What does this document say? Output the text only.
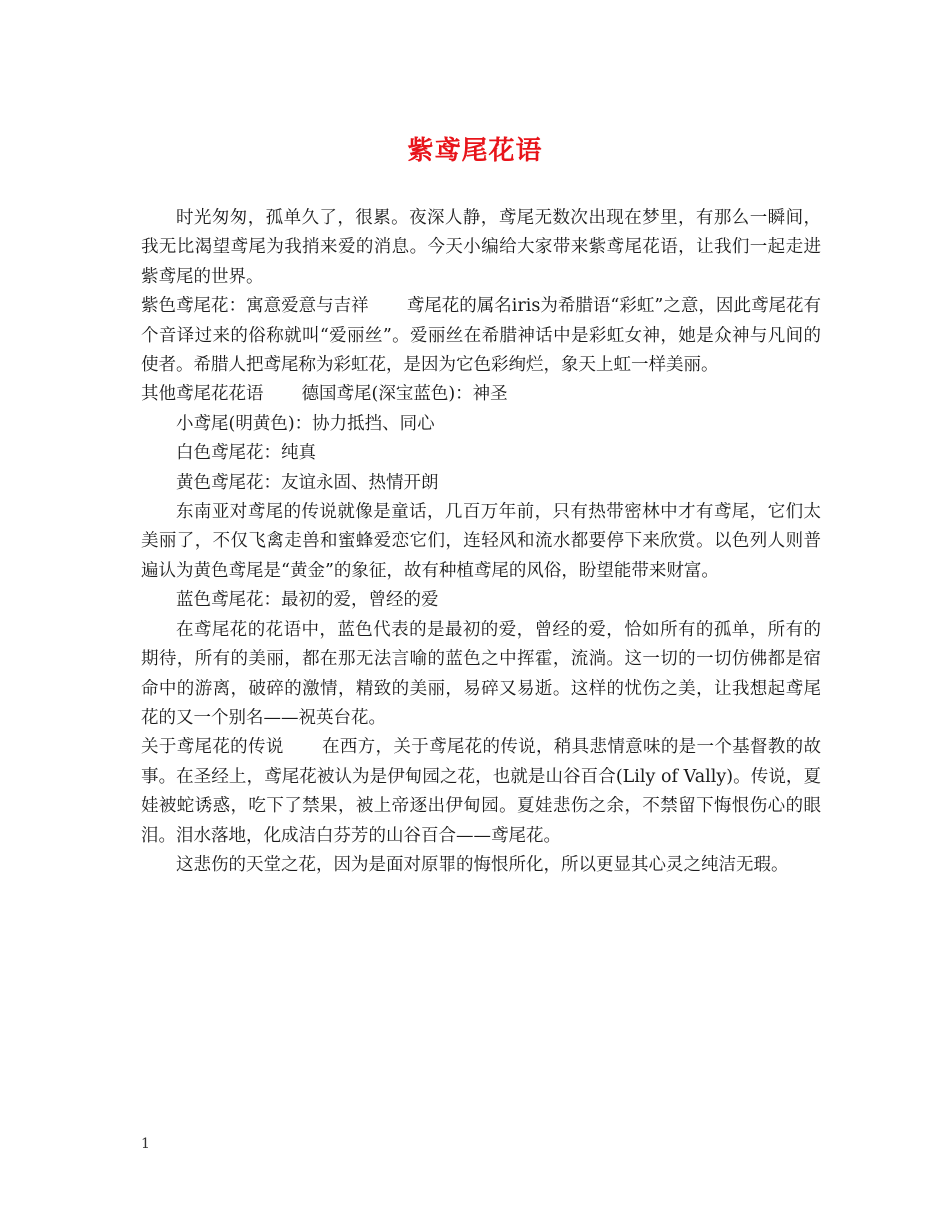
紫鸢尾花语

时光匆匆，孤单久了，很累。夜深人静，鸢尾无数次出现在梦里，有那么一瞬间，我无比渴望鸢尾为我捎来爱的消息。今天小编给大家带来紫鸢尾花语，让我们一起走进紫鸢尾的世界。

紫色鸢尾花：寓意爱意与吉祥 鸢尾花的属名iris为希腊语“彩虹”之意，因此鸢尾花有个音译过来的俗称就叫“爱丽丝”。爱丽丝在希腊神话中是彩虹女神，她是众神与凡间的使者。希腊人把鸢尾称为彩虹花，是因为它色彩绚烂，象天上虹一样美丽。

其他鸢尾花花语 德国鸢尾(深宝蓝色)：神圣

小鸢尾(明黄色)：协力抵挡、同心

白色鸢尾花：纯真

黄色鸢尾花：友谊永固、热情开朗

东南亚对鸢尾的传说就像是童话，几百万年前，只有热带密林中才有鸢尾，它们太美丽了，不仅飞禽走兽和蜜蜂爱恋它们，连轻风和流水都要停下来欣赏。以色列人则普遍认为黄色鸢尾是“黄金”的象征，故有种植鸢尾的风俗，盼望能带来财富。

蓝色鸢尾花：最初的爱，曾经的爱

在鸢尾花的花语中，蓝色代表的是最初的爱，曾经的爱，恰如所有的孤单，所有的期待，所有的美丽，都在那无法言喻的蓝色之中挥霍，流淌。这一切的一切仿佛都是宿命中的游离，破碎的激情，精致的美丽，易碎又易逝。这样的忧伤之美，让我想起鸢尾花的又一个别名——祝英台花。

关于鸢尾花的传说 在西方，关于鸢尾花的传说，稍具悲情意味的是一个基督教的故事。在圣经上，鸢尾花被认为是伊甸园之花，也就是山谷百合(Lily of Vally)。传说，夏娃被蛇诱惑，吃下了禁果，被上帝逐出伊甸园。夏娃悲伤之余，不禁留下悔恨伤心的眼泪。泪水落地，化成洁白芬芳的山谷百合——鸢尾花。

这悲伤的天堂之花，因为是面对原罪的悔恨所化，所以更显其心灵之纯洁无瑕。

1
